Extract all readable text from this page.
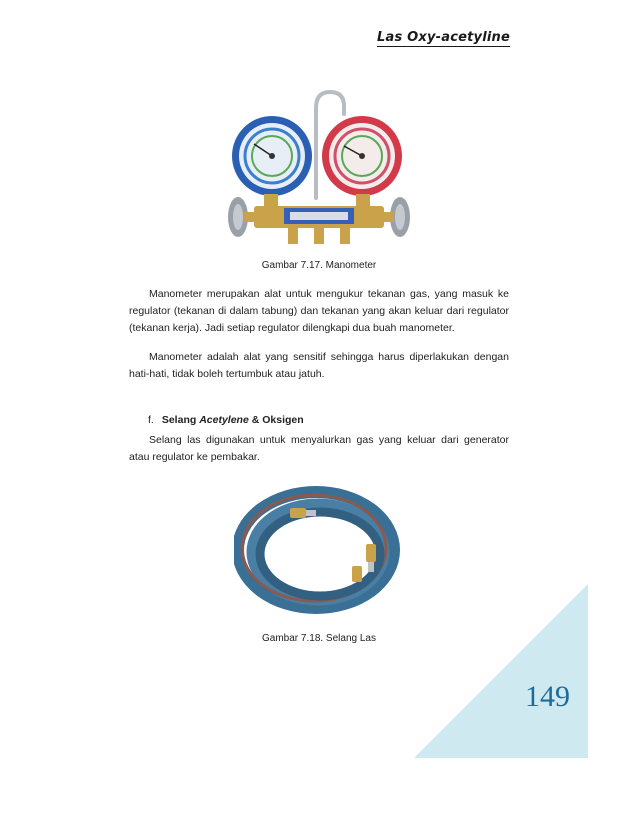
Las Oxy-acetyline
Gambar 7.17. Manometer

Manometer merupakan alat untuk mengukur tekanan gas, yang masuk ke regulator (tekanan di dalam tabung) dan tekanan yang akan keluar dari regulator (tekanan kerja). Jadi setiap regulator dilengkapi dua buah manometer.

Manometer adalah alat yang sensitif sehingga harus diperlakukan dengan hati-hati, tidak boleh tertumbuk atau jatuh.

f. Selang Acetylene & Oksigen

Selang las digunakan untuk menyalurkan gas yang keluar dari generator atau regulator ke pembakar.

Gambar 7.18. Selang Las
149
